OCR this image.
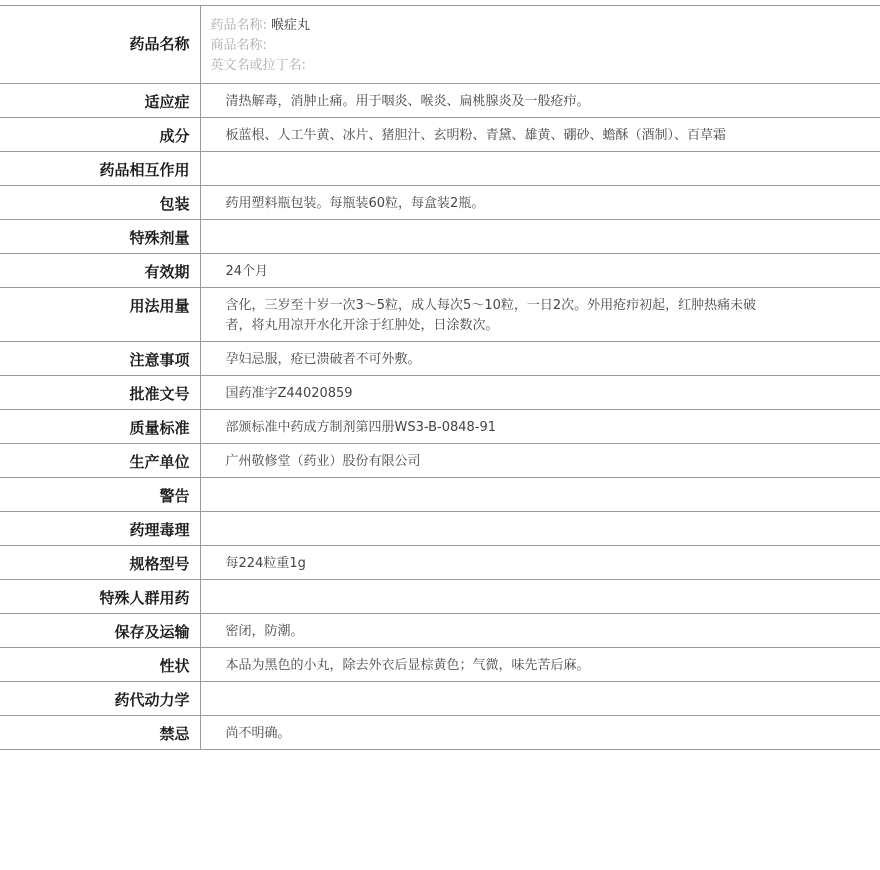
药品名称	药品名称: 喉症丸
商品名称:
英文名或拉丁名:

适应症	清热解毒，消肿止痛。用于咽炎、喉炎、扁桃腺炎及一般疮疖。
成分	板蓝根、人工牛黄、冰片、猪胆汁、玄明粉、青黛、雄黄、硼砂、蟾酥（酒制）、百草霜
药品相互作用	
包装	药用塑料瓶包装。每瓶装60粒，每盒装2瓶。
特殊剂量	
有效期	24个月
用法用量	含化，三岁至十岁一次3～5粒，成人每次5～10粒，一日2次。外用疮疖初起，红肿热痛未破者，将丸用凉开水化开涂于红肿处，日涂数次。

注意事项	孕妇忌服，疮已溃破者不可外敷。
批准文号	国药准字Z44020859
质量标准	部颁标准中药成方制剂第四册WS3-B-0848-91
生产单位	广州敬修堂（药业）股份有限公司
警告	
药理毒理	
规格型号	每224粒重1g
特殊人群用药	
保存及运输	密闭，防潮。
性状	本品为黑色的小丸，除去外衣后显棕黄色；气微，味先苦后麻。
药代动力学	
禁忌	尚不明确。
